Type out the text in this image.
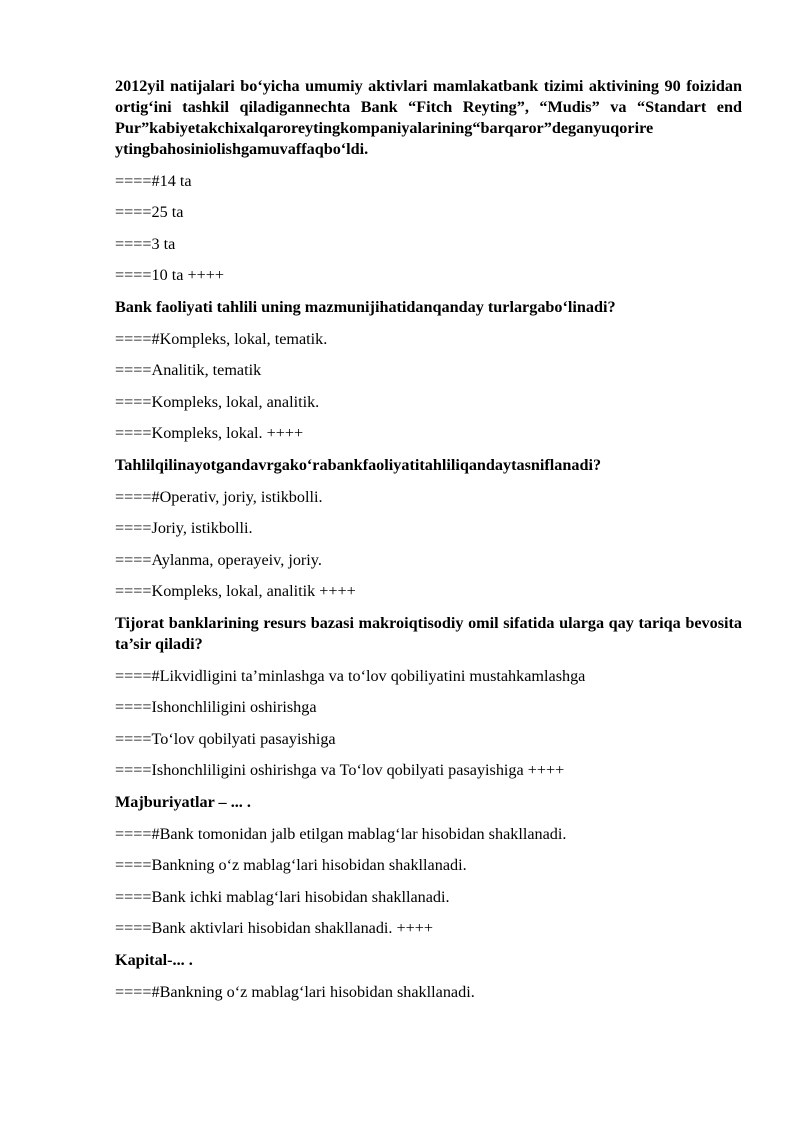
2012yil natijalari bo‘yicha umumiy aktivlari mamlakatbank tizimi aktivining 90 foizidan ortig‘ini tashkil qiladigannechta Bank “Fitch Reyting”, “Mudis” va “Standart end Pur”kabiyetakchixalqaroreytingkompaniyalarining“barqaror”deganyuqorire
ytingbahosiniolishgamuvaffaqbo‘ldi.

====#14 ta

====25 ta

====3 ta

====10 ta ++++

Bank faoliyati tahlili uning mazmunijihatidanqanday turlargabo‘linadi?

====#Kompleks, lokal, tematik.

====Analitik, tematik

====Kompleks, lokal, analitik.

====Kompleks, lokal. ++++

Tahlilqilinayotgandavrgako‘rabankfaoliyatitahliliqandaytasniflanadi?

====#Operativ, joriy, istikbolli.

====Joriy, istikbolli.

====Aylanma, operayeiv, joriy.

====Kompleks, lokal, analitik ++++

Tijorat banklarining resurs bazasi makroiqtisodiy omil sifatida ularga qay tariqa bevosita ta’sir qiladi?

====#Likvidligini ta’minlashga va to‘lov qobiliyatini mustahkamlashga

====Ishonchliligini oshirishga

====To‘lov qobilyati pasayishiga

====Ishonchliligini oshirishga va To‘lov qobilyati pasayishiga ++++

Majburiyatlar – ... .

====#Bank tomonidan jalb etilgan mablag‘lar hisobidan shakllanadi.

====Bankning o‘z mablag‘lari hisobidan shakllanadi.

====Bank ichki mablag‘lari hisobidan shakllanadi.

====Bank aktivlari hisobidan shakllanadi. ++++

Kapital-... .

====#Bankning o‘z mablag‘lari hisobidan shakllanadi.
